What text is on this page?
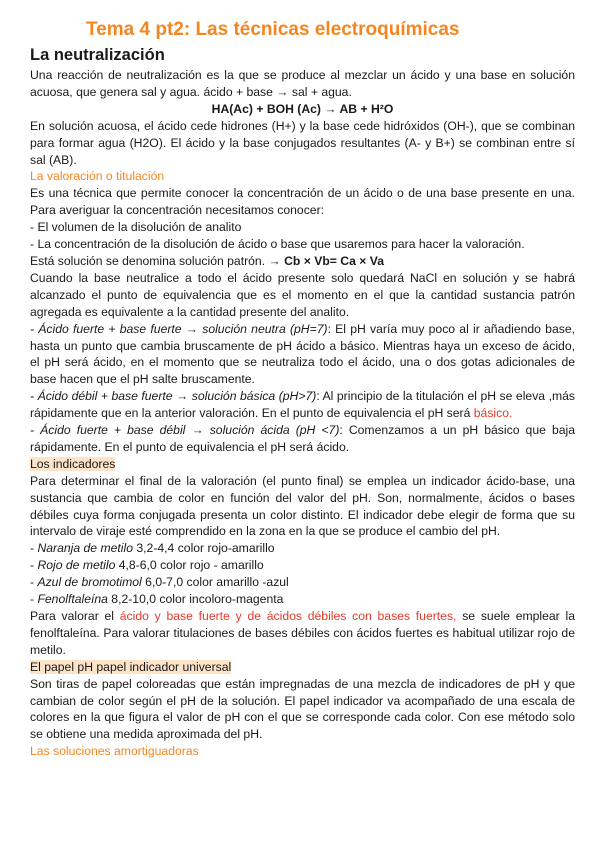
Tema 4 pt2: Las técnicas electroquímicas
La neutralización

Una reacción de neutralización es la que se produce al mezclar un ácido y una base en solución acuosa, que genera sal y agua. ácido + base → sal + agua.

HA(Ac) + BOH (Ac) → AB + H²O

En solución acuosa, el ácido cede hidrones (H+) y la base cede hidróxidos (OH-), que se combinan para formar agua (H2O). El ácido y la base conjugados resultantes (A- y B+) se combinan entre sí sal (AB).

La valoración o titulación

Es una técnica que permite conocer la concentración de un ácido o de una base presente en una. Para averiguar la concentración necesitamos conocer:

- El volumen de la disolución de analito

- La concentración de la disolución de ácido o base que usaremos para hacer la valoración.

Está solución se denomina solución patrón. → Cb × Vb= Ca × Va

Cuando la base neutralice a todo el ácido presente solo quedará NaCl en solución y se habrá alcanzado el punto de equivalencia que es el momento en el que la cantidad sustancia patrón agregada es equivalente a la cantidad presente del analito.

- Ácido fuerte + base fuerte → solución neutra (pH=7): El pH varía muy poco al ir añadiendo base, hasta un punto que cambia bruscamente de pH ácido a básico. Mientras haya un exceso de ácido, el pH será ácido, en el momento que se neutraliza todo el ácido, una o dos gotas adicionales de base hacen que el pH salte bruscamente.

- Ácido débil + base fuerte → solución básica (pH>7): Al principio de la titulación el pH se eleva ,más rápidamente que en la anterior valoración. En el punto de equivalencia el pH será básico.

- Ácido fuerte + base débil → solución ácida (pH <7): Comenzamos a un pH básico que baja rápidamente. En el punto de equivalencia el pH será ácido.

Los indicadores

Para determinar el final de la valoración (el punto final) se emplea un indicador ácido-base, una sustancia que cambia de color en función del valor del pH. Son, normalmente, ácidos o bases débiles cuya forma conjugada presenta un color distinto. El indicador debe elegir de forma que su intervalo de viraje esté comprendido en la zona en la que se produce el cambio del pH.

- Naranja de metilo 3,2-4,4 color rojo-amarillo

- Rojo de metilo 4,8-6,0 color rojo - amarillo

- Azul de bromotimol 6,0-7,0 color amarillo -azul

- Fenolftaleína 8,2-10,0 color incoloro-magenta

Para valorar el ácido y base fuerte y de ácidos débiles con bases fuertes, se suele emplear la fenolftaleína. Para valorar titulaciones de bases débiles con ácidos fuertes es habitual utilizar rojo de metilo.

El papel pH papel indicador universal

Son tiras de papel coloreadas que están impregnadas de una mezcla de indicadores de pH y que cambian de color según el pH de la solución. El papel indicador va acompañado de una escala de colores en la que figura el valor de pH con el que se corresponde cada color. Con ese método solo se obtiene una medida aproximada del pH.

Las soluciones amortiguadoras
